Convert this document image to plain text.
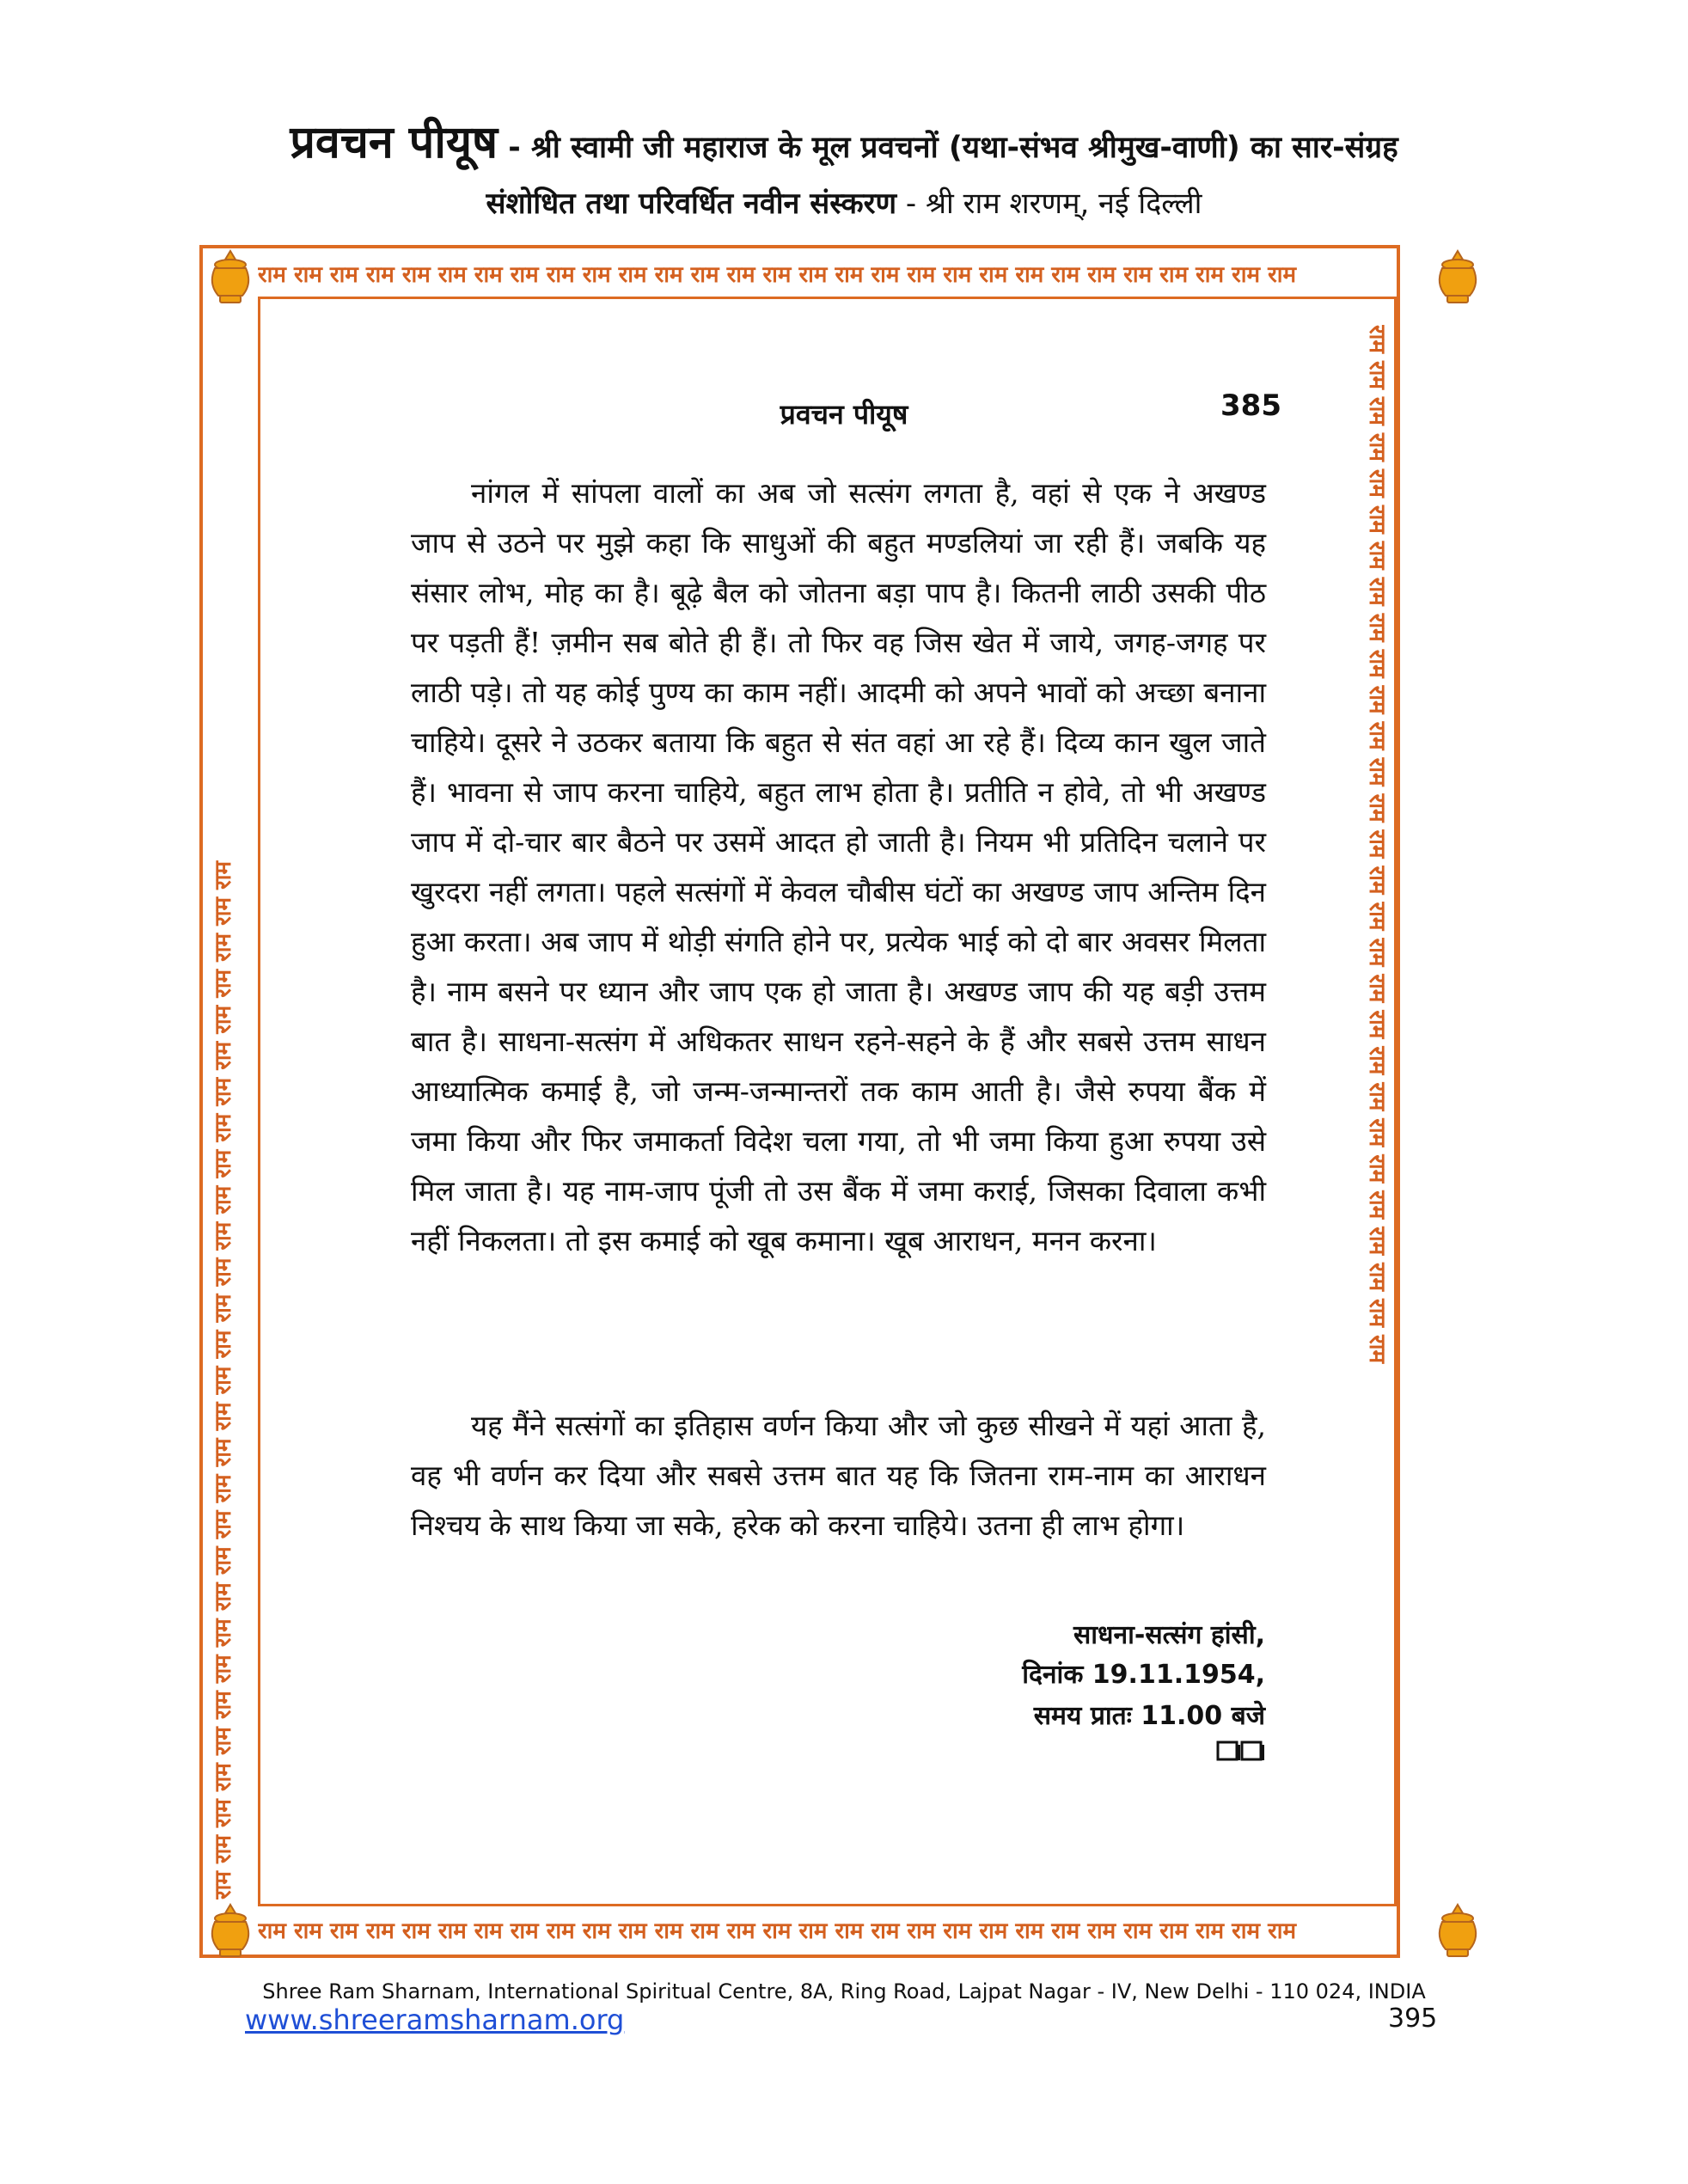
प्रवचन पीयूष - श्री स्वामी जी महाराज के मूल प्रवचनों (यथा-संभव श्रीमुख-वाणी) का सार-संग्रह
संशोधित तथा परिवर्धित नवीन संस्करण - श्री राम शरणम्, नई दिल्ली
राम राम राम राम राम राम राम राम राम राम राम राम राम राम राम राम राम राम राम राम राम राम राम राम राम राम राम राम राम
राम राम राम राम राम राम राम राम राम राम राम राम राम राम राम राम राम राम राम राम राम राम राम राम राम राम राम राम राम
राम राम राम राम राम राम राम राम राम राम राम राम राम राम राम राम राम राम राम राम राम राम राम राम राम राम राम राम राम
राम राम राम राम राम राम राम राम राम राम राम राम राम राम राम राम राम राम राम राम राम राम राम राम राम राम राम राम राम
प्रवचन पीयूष	385

नांगल में सांपला वालों का अब जो सत्संग लगता है, वहां से एक ने अखण्ड जाप से उठने पर मुझे कहा कि साधुओं की बहुत मण्डलियां जा रही हैं। जबकि यह संसार लोभ, मोह का है। बूढ़े बैल को जोतना बड़ा पाप है। कितनी लाठी उसकी पीठ पर पड़ती हैं! ज़मीन सब बोते ही हैं। तो फिर वह जिस खेत में जाये, जगह-जगह पर लाठी पड़े। तो यह कोई पुण्य का काम नहीं। आदमी को अपने भावों को अच्छा बनाना चाहिये। दूसरे ने उठकर बताया कि बहुत से संत वहां आ रहे हैं। दिव्य कान खुल जाते हैं। भावना से जाप करना चाहिये, बहुत लाभ होता है। प्रतीति न होवे, तो भी अखण्ड जाप में दो-चार बार बैठने पर उसमें आदत हो जाती है। नियम भी प्रतिदिन चलाने पर खुरदरा नहीं लगता। पहले सत्संगों में केवल चौबीस घंटों का अखण्ड जाप अन्तिम दिन हुआ करता। अब जाप में थोड़ी संगति होने पर, प्रत्येक भाई को दो बार अवसर मिलता है। नाम बसने पर ध्यान और जाप एक हो जाता है। अखण्ड जाप की यह बड़ी उत्तम बात है। साधना-सत्संग में अधिकतर साधन रहने-सहने के हैं और सबसे उत्तम साधन आध्यात्मिक कमाई है, जो जन्म-जन्मान्तरों तक काम आती है। जैसे रुपया बैंक में जमा किया और फिर जमाकर्ता विदेश चला गया, तो भी जमा किया हुआ रुपया उसे मिल जाता है। यह नाम-जाप पूंजी तो उस बैंक में जमा कराई, जिसका दिवाला कभी नहीं निकलता। तो इस कमाई को खूब कमाना। खूब आराधन, मनन करना।

यह मैंने सत्संगों का इतिहास वर्णन किया और जो कुछ सीखने में यहां आता है, वह भी वर्णन कर दिया और सबसे उत्तम बात यह कि जितना राम-नाम का आराधन निश्चय के साथ किया जा सके, हरेक को करना चाहिये। उतना ही लाभ होगा।

साधना-सत्संग हांसी,
दिनांक 19.11.1954,
समय प्रातः 11.00 बजे
Shree Ram Sharnam, International Spiritual Centre, 8A, Ring Road, Lajpat Nagar - IV, New Delhi - 110 024, INDIA
www.shreeramsharnam.org	395
